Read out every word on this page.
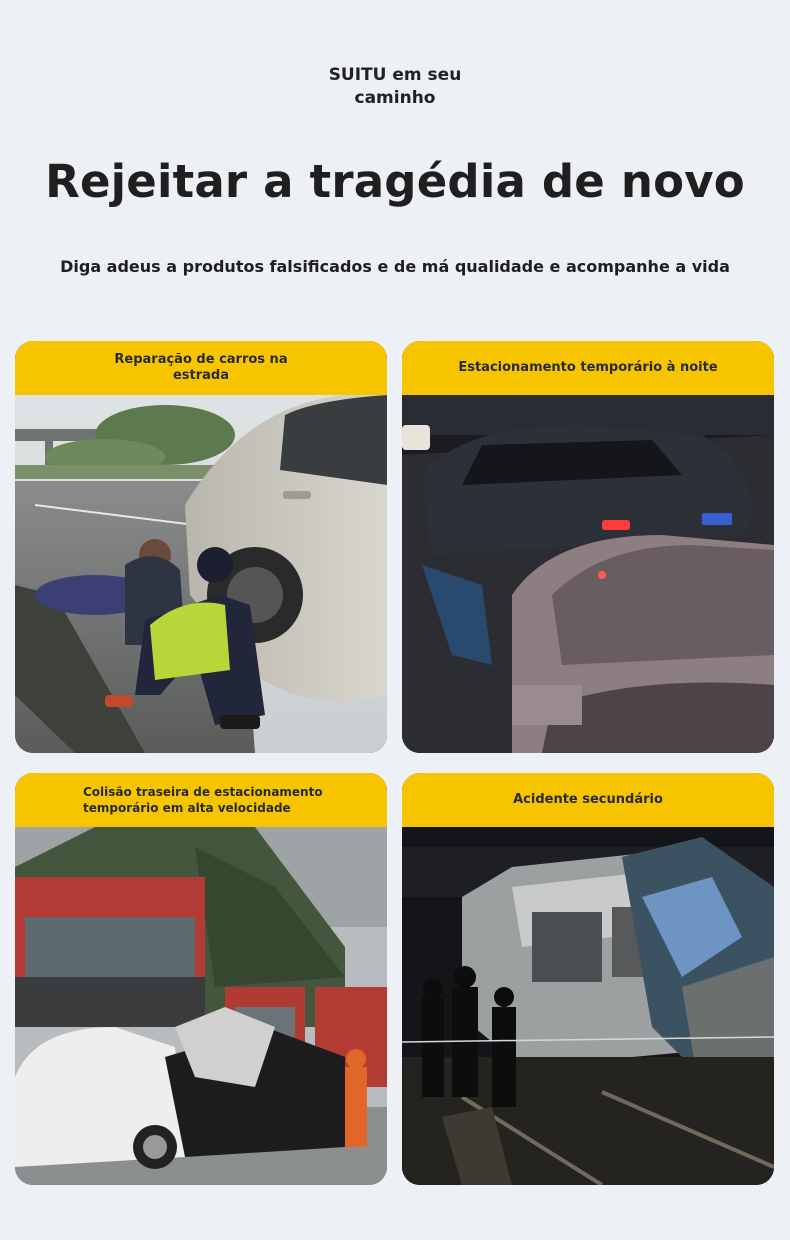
SUITU em seu caminho
Rejeitar a tragédia de novo
Diga adeus a produtos falsificados e de má qualidade e acompanhe a vida
Reparação de carros na estrada
Estacionamento temporário à noite
Colisão traseira de estacionamento temporário em alta velocidade
Acidente secundário
